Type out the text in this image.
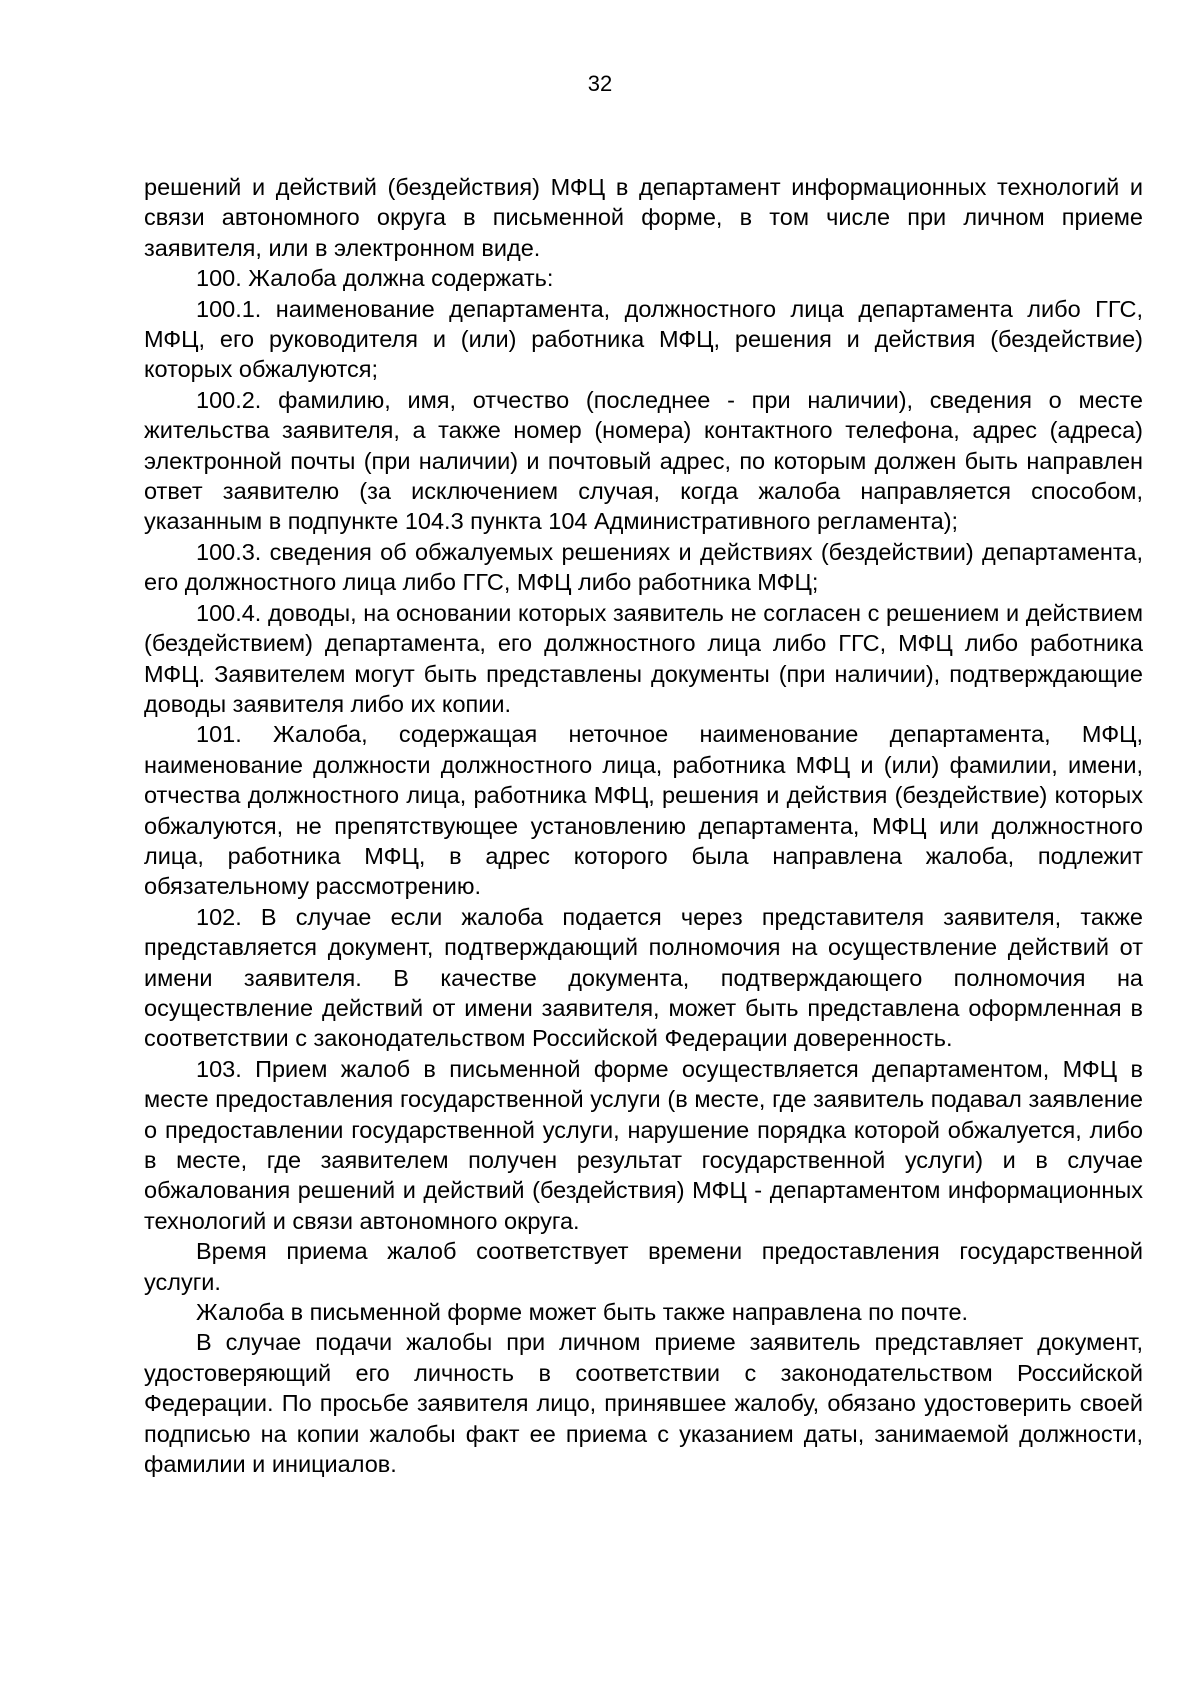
32

решений и действий (бездействия) МФЦ в департамент информационных технологий и связи автономного округа в письменной форме, в том числе при личном приеме заявителя, или в электронном виде.

100. Жалоба должна содержать:

100.1. наименование департамента, должностного лица департамента либо ГГС, МФЦ, его руководителя и (или) работника МФЦ, решения и действия (бездействие) которых обжалуются;

100.2. фамилию, имя, отчество (последнее - при наличии), сведения о месте жительства заявителя, а также номер (номера) контактного телефона, адрес (адреса) электронной почты (при наличии) и почтовый адрес, по которым должен быть направлен ответ заявителю (за исключением случая, когда жалоба направляется способом, указанным в подпункте 104.3 пункта 104 Административного регламента);

100.3. сведения об обжалуемых решениях и действиях (бездействии) департамента, его должностного лица либо ГГС, МФЦ либо работника МФЦ;

100.4. доводы, на основании которых заявитель не согласен с решением и действием (бездействием) департамента, его должностного лица либо ГГС, МФЦ либо работника МФЦ. Заявителем могут быть представлены документы (при наличии), подтверждающие доводы заявителя либо их копии.

101. Жалоба, содержащая неточное наименование департамента, МФЦ, наименование должности должностного лица, работника МФЦ и (или) фамилии, имени, отчества должностного лица, работника МФЦ, решения и действия (бездействие) которых обжалуются, не препятствующее установлению департамента, МФЦ или должностного лица, работника МФЦ, в адрес которого была направлена жалоба, подлежит обязательному рассмотрению.

102. В случае если жалоба подается через представителя заявителя, также представляется документ, подтверждающий полномочия на осуществление действий от имени заявителя. В качестве документа, подтверждающего полномочия на осуществление действий от имени заявителя, может быть представлена оформленная в соответствии с законодательством Российской Федерации доверенность.

103. Прием жалоб в письменной форме осуществляется департаментом, МФЦ в месте предоставления государственной услуги (в месте, где заявитель подавал заявление о предоставлении государственной услуги, нарушение порядка которой обжалуется, либо в месте, где заявителем получен результат государственной услуги) и в случае обжалования решений и действий (бездействия) МФЦ - департаментом информационных технологий и связи автономного округа.

Время приема жалоб соответствует времени предоставления государственной услуги.

Жалоба в письменной форме может быть также направлена по почте.

В случае подачи жалобы при личном приеме заявитель представляет документ, удостоверяющий его личность в соответствии с законодательством Российской Федерации. По просьбе заявителя лицо, принявшее жалобу, обязано удостоверить своей подписью на копии жалобы факт ее приема с указанием даты, занимаемой должности, фамилии и инициалов.
